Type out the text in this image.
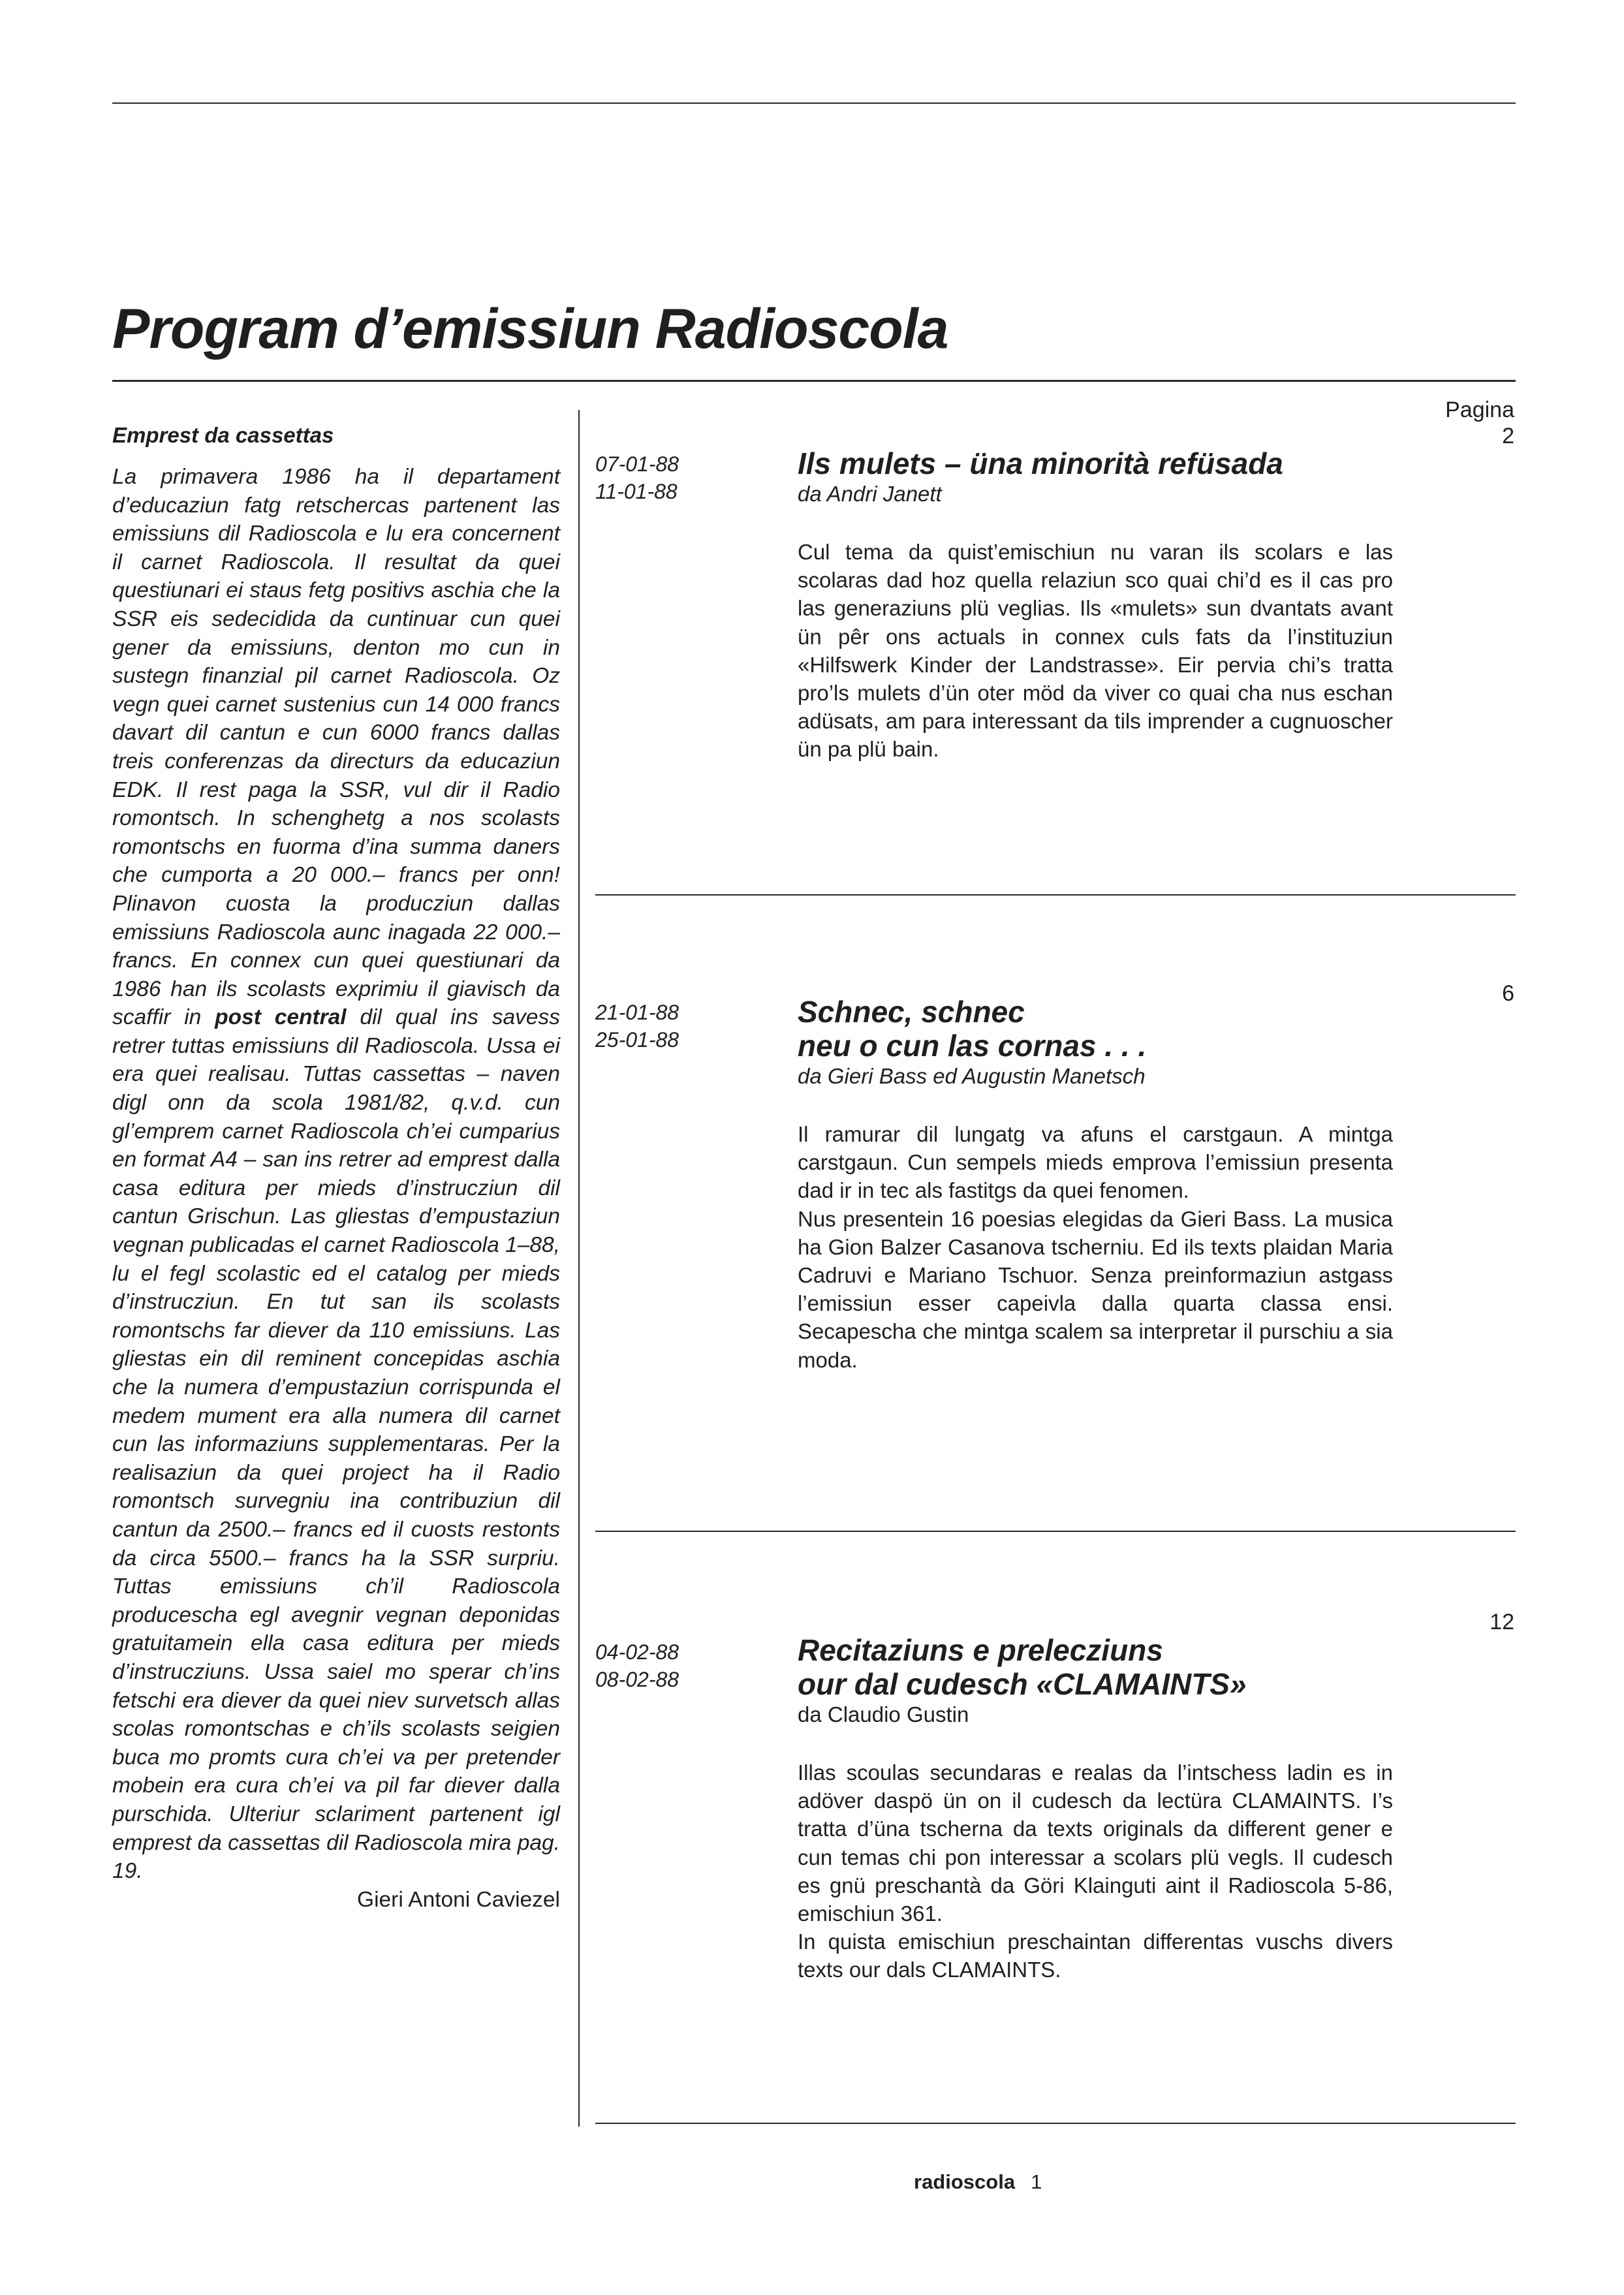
Program d’emissiun Radioscola
Emprest da cassettas

La primavera 1986 ha il departament d’educaziun fatg retschercas partenent las emissiuns dil Radioscola e lu era concernent il carnet Radioscola. Il resultat da quei questiunari ei staus fetg positivs aschia che la SSR eis sedecidida da cuntinuar cun quei gener da emissiuns, denton mo cun in sustegn finanzial pil carnet Radioscola. Oz vegn quei carnet sustenius cun 14 000 francs davart dil cantun e cun 6000 francs dallas treis conferenzas da directurs da educaziun EDK. Il rest paga la SSR, vul dir il Radio romontsch. In schenghetg a nos scolasts romontschs en fuorma d’ina summa daners che cumporta a 20 000.– francs per onn! Plinavon cuosta la producziun dallas emissiuns Radioscola aunc inagada 22 000.– francs. En connex cun quei questiunari da 1986 han ils scolasts exprimiu il giavisch da scaffir in post central dil qual ins savess retrer tuttas emissiuns dil Radioscola. Ussa ei era quei realisau. Tuttas cassettas – naven digl onn da scola 1981/82, q.v.d. cun gl’emprem carnet Radioscola ch’ei cumparius en format A4 – san ins retrer ad emprest dalla casa editura per mieds d’instrucziun dil cantun Grischun. Las gliestas d’empustaziun vegnan publicadas el carnet Radioscola 1–88, lu el fegl scolastic ed el catalog per mieds d’instrucziun. En tut san ils scolasts romontschs far diever da 110 emissiuns. Las gliestas ein dil reminent concepidas aschia che la numera d’empustaziun corrispunda el medem mument era alla numera dil carnet cun las informaziuns supplementaras. Per la realisaziun da quei project ha il Radio romontsch survegniu ina contribuziun dil cantun da 2500.– francs ed il cuosts restonts da circa 5500.– francs ha la SSR surpriu. Tuttas emissiuns ch’il Radioscola producescha egl avegnir vegnan deponidas gratuitamein ella casa editura per mieds d’instrucziuns. Ussa saiel mo sperar ch’ins fetschi era diever da quei niev survetsch allas scolas romontschas e ch’ils scolasts seigien buca mo promts cura ch’ei va per pretender mobein era cura ch’ei va pil far diever dalla purschida. Ulteriur sclariment partenent igl emprest da cassettas dil Radioscola mira pag. 19.
Gieri Antoni Caviezel

Pagina
07-01-88
11-01-88
Ils mulets – üna minorità refüsada
da Andri Janett

Cul tema da quist’emischiun nu varan ils scolars e las scolaras dad hoz quella relaziun sco quai chi’d es il cas pro las generaziuns plü veglias. Ils «mulets» sun dvantats avant ün pêr ons actuals in connex culs fats da l’instituziun «Hilfswerk Kinder der Landstrasse». Eir pervia chi’s tratta pro’ls mulets d’ün oter möd da viver co quai cha nus eschan adüsats, am para interessant da tils imprender a cugnuoscher ün pa plü bain.

2
21-01-88
25-01-88
Schnec, schnec
neu o cun las cornas . . .
da Gieri Bass ed Augustin Manetsch

Il ramurar dil lungatg va afuns el carstgaun. A mintga carstgaun. Cun sempels mieds emprova l’emissiun presenta dad ir in tec als fastitgs da quei fenomen.

Nus presentein 16 poesias elegidas da Gieri Bass. La musica ha Gion Balzer Casanova tscherniu. Ed ils texts plaidan Maria Cadruvi e Mariano Tschuor. Senza preinformaziun astgass l’emissiun esser capeivla dalla quarta classa ensi. Secapescha che mintga scalem sa interpretar il purschiu a sia moda.

6
04-02-88
08-02-88
Recitaziuns e prelecziuns
our dal cudesch «CLAMAINTS»
da Claudio Gustin

Illas scoulas secundaras e realas da l’intschess ladin es in adöver daspö ün on il cudesch da lectüra CLAMAINTS. I’s tratta d’üna tscherna da texts originals da different gener e cun temas chi pon interessar a scolars plü vegls. Il cudesch es gnü preschantà da Göri Klainguti aint il Radioscola 5-86, emischiun 361.

In quista emischiun preschaintan differentas vuschs divers texts our dals CLAMAINTS.

12
radioscola 1
